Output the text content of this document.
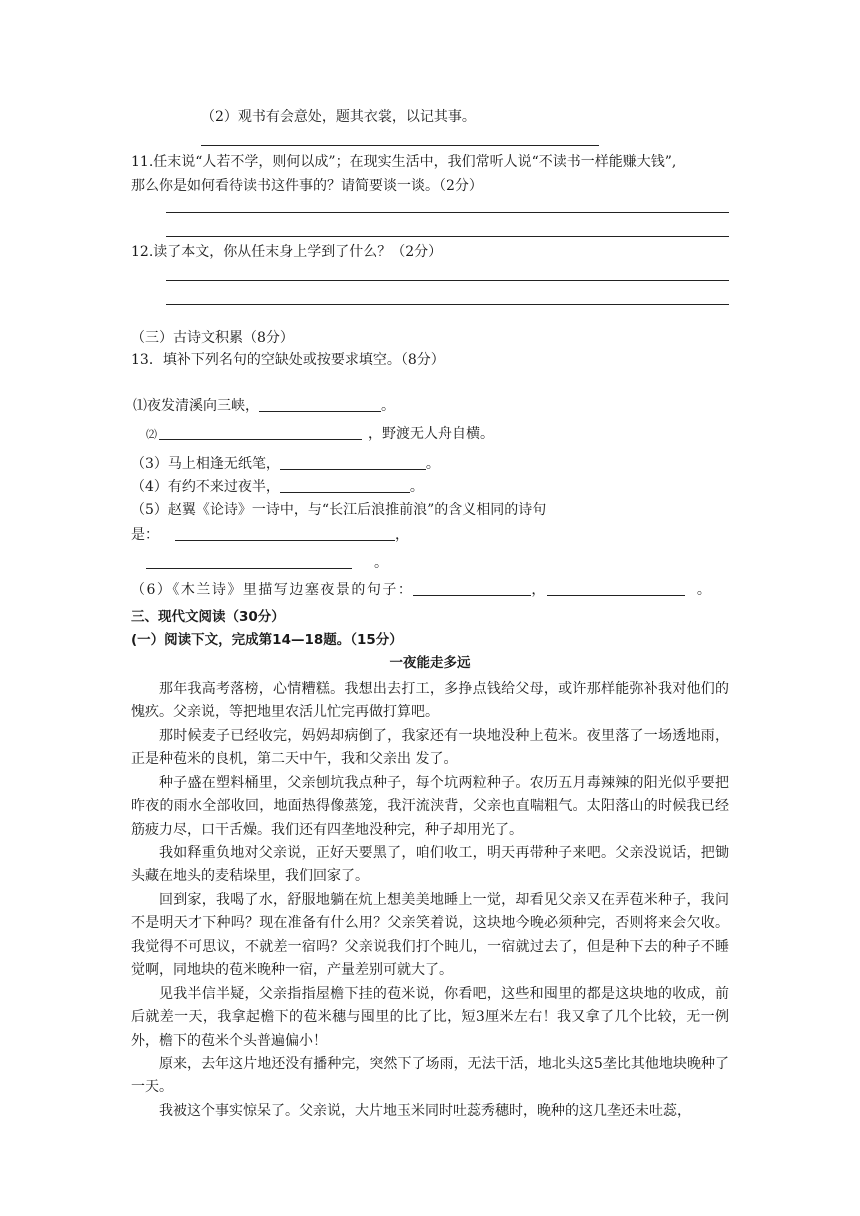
（2）观书有会意处，题其衣裳，以记其事。
11.任末说“人若不学，则何以成”；在现实生活中，我们常听人说“不读书一样能赚大钱”,
那么你是如何看待读书这件事的？请简要谈一谈。（2分）
12.读了本文，你从任末身上学到了什么？（2分）
（三）古诗文积累（8分）
13．填补下列名句的空缺处或按要求填空。（8分）
⑴夜发清溪向三峡，	。
⑵	，野渡无人舟自横。
（3）马上相逢无纸笔，	。
（4）有约不来过夜半，	。
（5）赵翼《论诗》一诗中，与“长江后浪推前浪”的含义相同的诗句
是：	，
。
（6）《木兰诗》里描写边塞夜景的句子：	，	。
三、现代文阅读（30分）
(一）阅读下文，完成第14—18题。（15分）
一夜能走多远

那年我高考落榜，心情糟糕。我想出去打工，多挣点钱给父母，或许那样能弥补我对他们的愧疚。父亲说，等把地里农活儿忙完再做打算吧。

那时候麦子已经收完，妈妈却病倒了，我家还有一块地没种上苞米。夜里落了一场透地雨，正是种苞米的良机，第二天中午，我和父亲出 发了。

种子盛在塑料桶里，父亲刨坑我点种子，每个坑两粒种子。农历五月毒辣辣的阳光似乎要把昨夜的雨水全部收回，地面热得像蒸笼，我汗流浃背，父亲也直喘粗气。太阳落山的时候我已经筋疲力尽，口干舌燥。我们还有四垄地没种完，种子却用光了。

我如释重负地对父亲说，正好天要黑了，咱们收工，明天再带种子来吧。父亲没说话，把锄头藏在地头的麦秸垛里，我们回家了。

回到家，我喝了水，舒服地躺在炕上想美美地睡上一觉，却看见父亲又在弄苞米种子，我问不是明天才下种吗？现在准备有什么用？父亲笑着说，这块地今晚必须种完，否则将来会欠收。我觉得不可思议，不就差一宿吗？父亲说我们打个盹儿，一宿就过去了，但是种下去的种子不睡觉啊，同地块的苞米晚种一宿，产量差别可就大了。

见我半信半疑，父亲指指屋檐下挂的苞米说，你看吧，这些和囤里的都是这块地的收成，前后就差一天，我拿起檐下的苞米穗与囤里的比了比，短3厘米左右！我又拿了几个比较，无一例外，檐下的苞米个头普遍偏小！

原来，去年这片地还没有播种完，突然下了场雨，无法干活，地北头这5垄比其他地块晚种了一天。

我被这个事实惊呆了。父亲说，大片地玉米同时吐蕊秀穗时，晚种的这几垄还未吐蕊，
